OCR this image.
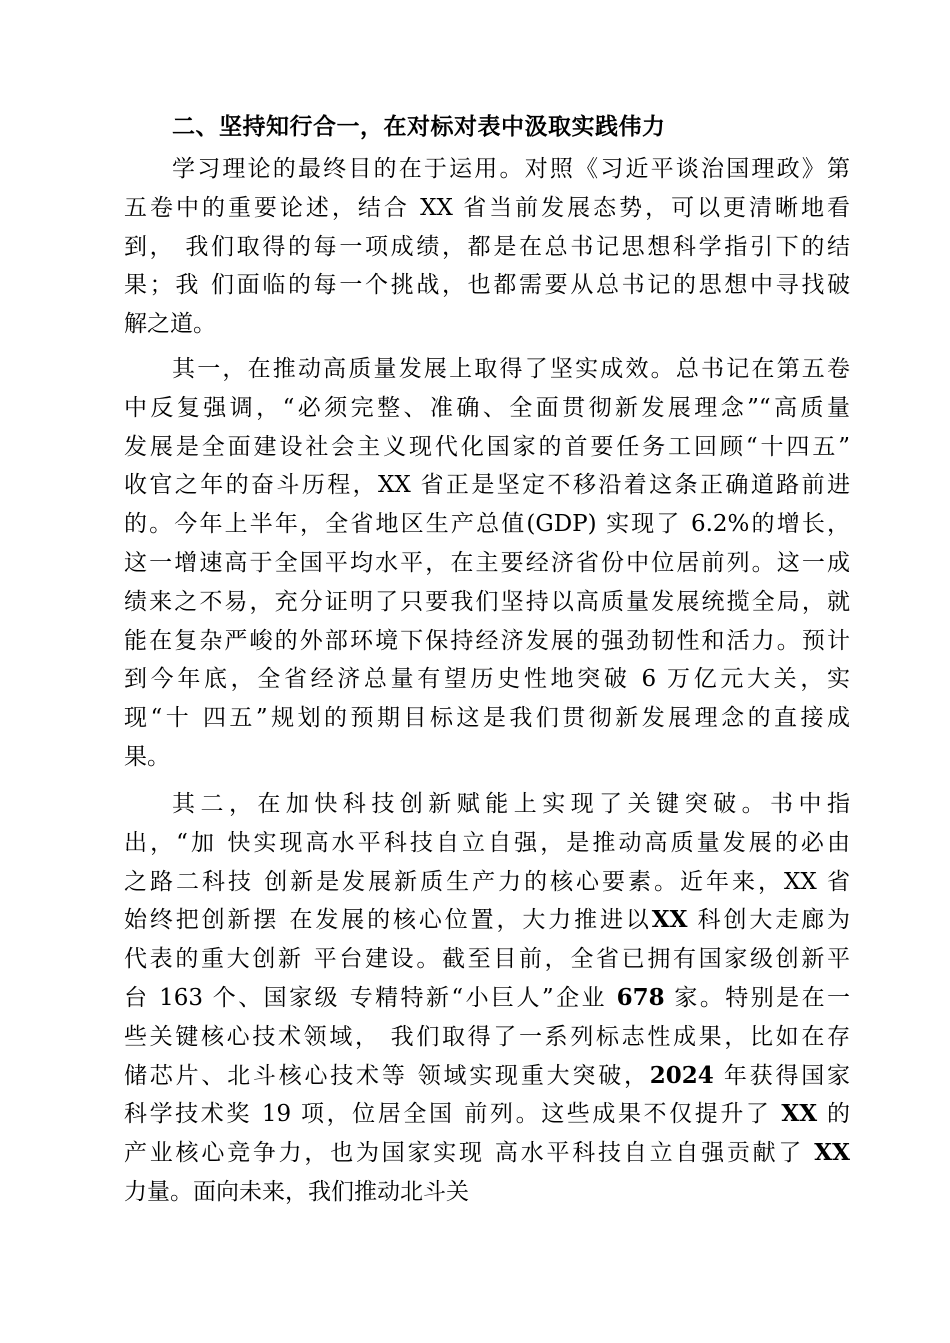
二、坚持知行合一，在对标对表中汲取实践伟力
学习理论的最终目的在于运用。对照《习近平谈治国理政》第
五卷中的重要论述，结合 XX 省当前发展态势，可以更清晰地看
到， 我们取得的每一项成绩，都是在总书记思想科学指引下的结
果；我 们面临的每一个挑战，也都需要从总书记的思想中寻找破
解之道。
其一，在推动高质量发展上取得了坚实成效。总书记在第五卷
中反复强调，“必须完整、准确、全面贯彻新发展理念”“高质量
发展是全面建设社会主义现代化国家的首要任务工回顾“十四五”
收官之年的奋斗历程，XX 省正是坚定不移沿着这条正确道路前进
的。今年上半年，全省地区生产总值(GDP) 实现了 6.2%的增长，
这一增速高于全国平均水平，在主要经济省份中位居前列。这一成
绩来之不易，充分证明了只要我们坚持以高质量发展统揽全局，就
能在复杂严峻的外部环境下保持经济发展的强劲韧性和活力。预计
到今年底，全省经济总量有望历史性地突破 6 万亿元大关，实
现“十 四五”规划的预期目标这是我们贯彻新发展理念的直接成
果。
其二，在加快科技创新赋能上实现了关键突破。书中指
出，“加 快实现高水平科技自立自强，是推动高质量发展的必由
之路二科技 创新是发展新质生产力的核心要素。近年来，XX 省
始终把创新摆 在发展的核心位置，大力推进以XX 科创大走廊为
代表的重大创新 平台建设。截至目前，全省已拥有国家级创新平
台 163 个、国家级 专精特新“小巨人”企业 678 家。特别是在一
些关键核心技术领域， 我们取得了一系列标志性成果，比如在存
储芯片、北斗核心技术等 领域实现重大突破，2024 年获得国家
科学技术奖 19 项，位居全国 前列。这些成果不仅提升了 XX 的
产业核心竞争力，也为国家实现 高水平科技自立自强贡献了 XX
力量。面向未来，我们推动北斗关
